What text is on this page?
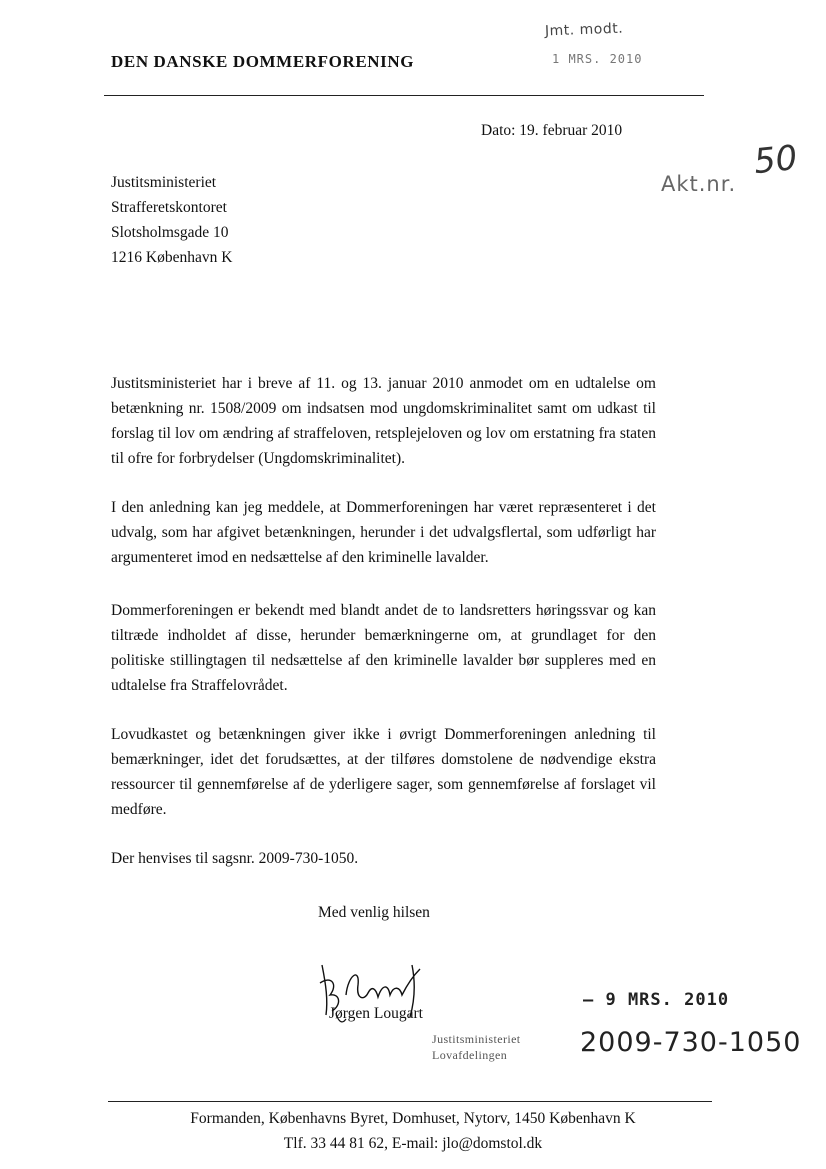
DEN DANSKE DOMMERFORENING
Jmt. modt.
1 MRS. 2010
Dato: 19. februar 2010
Akt.nr.
50
Justitsministeriet
Strafferetskontoret
Slotsholmsgade 10
1216 København K
Justitsministeriet har i breve af 11. og 13. januar 2010 anmodet om en udtalelse om betænkning nr. 1508/2009 om indsatsen mod ungdomskriminalitet samt om udkast til forslag til lov om ændring af straffeloven, retsplejeloven og lov om erstatning fra staten til ofre for forbrydelser (Ungdomskriminalitet).
I den anledning kan jeg meddele, at Dommerforeningen har været repræsenteret i det udvalg, som har afgivet betænkningen, herunder i det udvalgsflertal, som udførligt har argumenteret imod en nedsættelse af den kriminelle lavalder.
Dommerforeningen er bekendt med blandt andet de to landsretters høringssvar og kan tiltræde indholdet af disse, herunder bemærkningerne om, at grundlaget for den politiske stillingtagen til nedsættelse af den kriminelle lavalder bør suppleres med en udtalelse fra Straffelovrådet.
Lovudkastet og betænkningen giver ikke i øvrigt Dommerforeningen anledning til bemærkninger, idet det forudsættes, at der tilføres domstolene de nødvendige ekstra ressourcer til gennemførelse af de yderligere sager, som gennemførelse af forslaget vil medføre.
Der henvises til sagsnr. 2009-730-1050.
Med venlig hilsen
Jørgen Lougart
Justitsministeriet
Lovafdelingen
– 9 MRS. 2010
2009-730-1050
Formanden, Københavns Byret, Domhuset, Nytorv, 1450 København K
Tlf. 33 44 81 62, E-mail: jlo@domstol.dk
